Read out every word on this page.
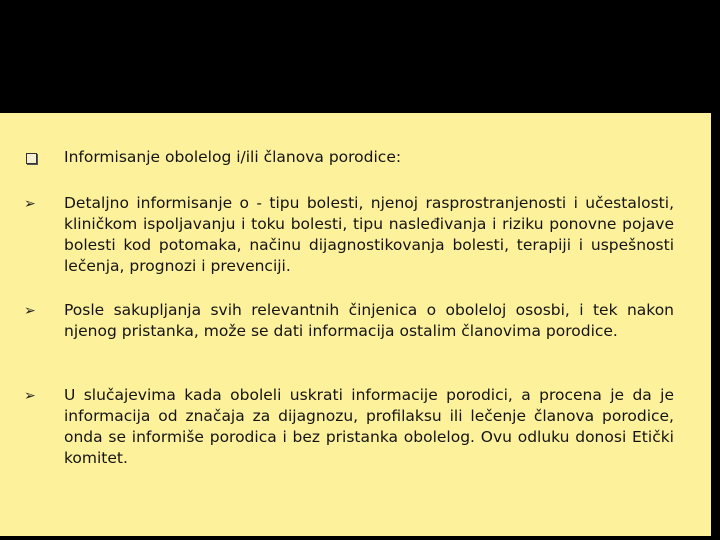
Informisanje obolelog i/ili članova porodice:
➢	Detaljno informisanje o - tipu bolesti, njenoj rasprostranjenosti i učestalosti, kliničkom ispoljavanju i toku bolesti, tipu nasleđivanja i riziku ponovne pojave bolesti kod potomaka, načinu dijagnostikovanja bolesti, terapiji i uspešnosti lečenja, prognozi i prevenciji.
➢	Posle sakupljanja svih relevantnih činjenica o oboleloj ososbi, i tek nakon njenog pristanka, može se dati informacija ostalim članovima porodice.
➢	U slučajevima kada oboleli uskrati informacije porodici, a procena je da je informacija od značaja za dijagnozu, profilaksu ili lečenje članova porodice, onda se informiše porodica i bez pristanka obolelog. Ovu odluku donosi Etički komitet.
